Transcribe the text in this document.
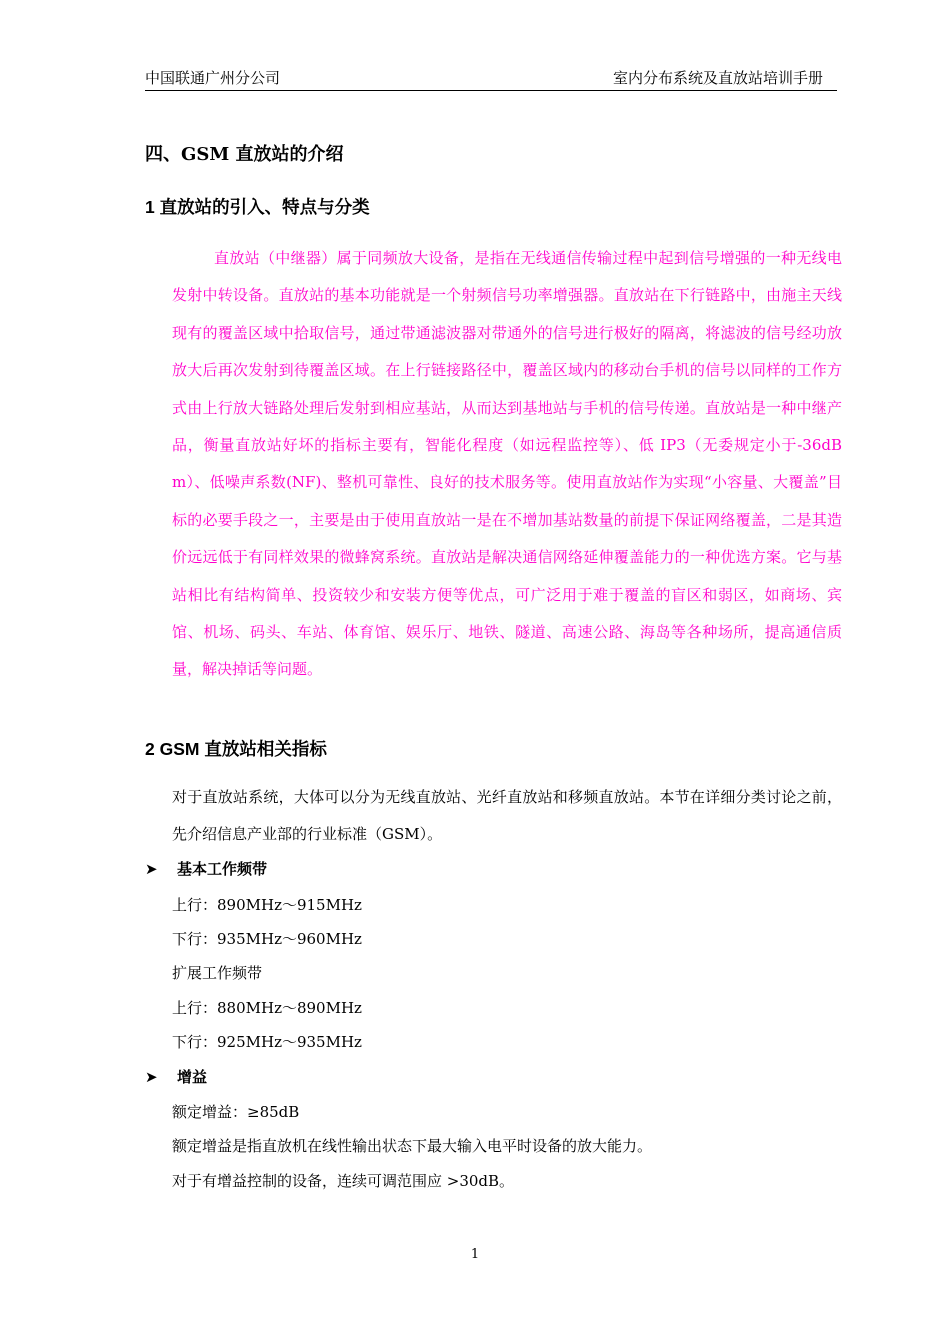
中国联通广州分公司	室内分布系统及直放站培训手册
四、GSM 直放站的介绍
1 直放站的引入、特点与分类

直放站（中继器）属于同频放大设备，是指在无线通信传输过程中起到信号增强的一种无线电发射中转设备。直放站的基本功能就是一个射频信号功率增强器。直放站在下行链路中，由施主天线现有的覆盖区域中拾取信号，通过带通滤波器对带通外的信号进行极好的隔离，将滤波的信号经功放放大后再次发射到待覆盖区域。在上行链接路径中，覆盖区域内的移动台手机的信号以同样的工作方式由上行放大链路处理后发射到相应基站，从而达到基地站与手机的信号传递。直放站是一种中继产品，衡量直放站好坏的指标主要有，智能化程度（如远程监控等）、低 IP3（无委规定小于-36dBm）、低噪声系数(NF)、整机可靠性、良好的技术服务等。使用直放站作为实现“小容量、大覆盖”目标的必要手段之一，主要是由于使用直放站一是在不增加基站数量的前提下保证网络覆盖，二是其造价远远低于有同样效果的微蜂窝系统。直放站是解决通信网络延伸覆盖能力的一种优选方案。它与基站相比有结构简单、投资较少和安装方便等优点，可广泛用于难于覆盖的盲区和弱区，如商场、宾馆、机场、码头、车站、体育馆、娱乐厅、地铁、隧道、高速公路、海岛等各种场所，提高通信质量，解决掉话等问题。

2 GSM 直放站相关指标

对于直放站系统，大体可以分为无线直放站、光纤直放站和移频直放站。本节在详细分类讨论之前，先介绍信息产业部的行业标准（GSM）。

➤ 基本工作频带
上行：890MHz～915MHz
下行：935MHz～960MHz
扩展工作频带
上行：880MHz～890MHz
下行：925MHz～935MHz
➤ 增益
额定增益：≥85dB
额定增益是指直放机在线性输出状态下最大输入电平时设备的放大能力。
对于有增益控制的设备，连续可调范围应 >30dB。
1
